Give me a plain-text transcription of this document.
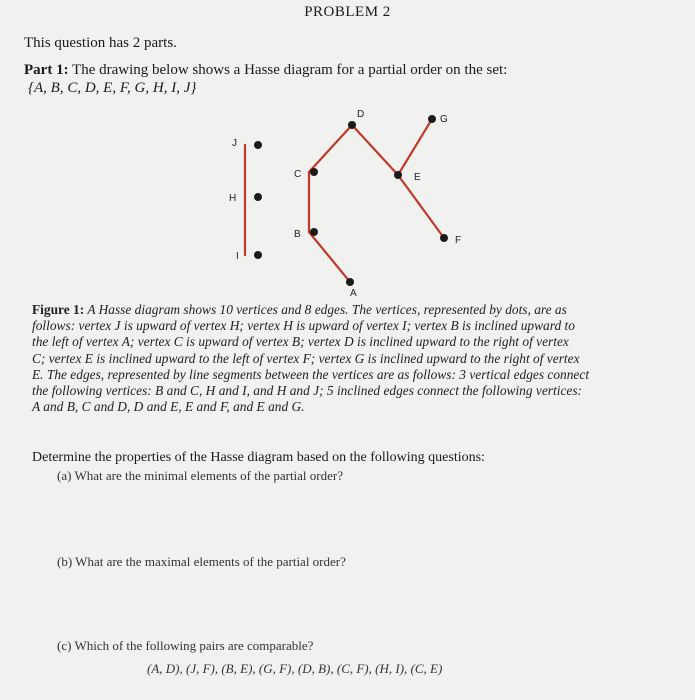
PROBLEM 2
This question has 2 parts.
Part 1: The drawing below shows a Hasse diagram for a partial order on the set:
{A, B, C, D, E, F, G, H, I, J}
J
H
I
C
B
A
D
E
G
F
Figure 1: A Hasse diagram shows 10 vertices and 8 edges. The vertices, represented by dots, are as
follows: vertex J is upward of vertex H; vertex H is upward of vertex I; vertex B is inclined upward to
the left of vertex A; vertex C is upward of vertex B; vertex D is inclined upward to the right of vertex
C; vertex E is inclined upward to the left of vertex F; vertex G is inclined upward to the right of vertex
E. The edges, represented by line segments between the vertices are as follows: 3 vertical edges connect
the following vertices: B and C, H and I, and H and J; 5 inclined edges connect the following vertices:
A and B, C and D, D and E, E and F, and E and G.
Determine the properties of the Hasse diagram based on the following questions:
(a) What are the minimal elements of the partial order?
(b) What are the maximal elements of the partial order?
(c) Which of the following pairs are comparable?
(A, D), (J, F), (B, E), (G, F), (D, B), (C, F), (H, I), (C, E)
